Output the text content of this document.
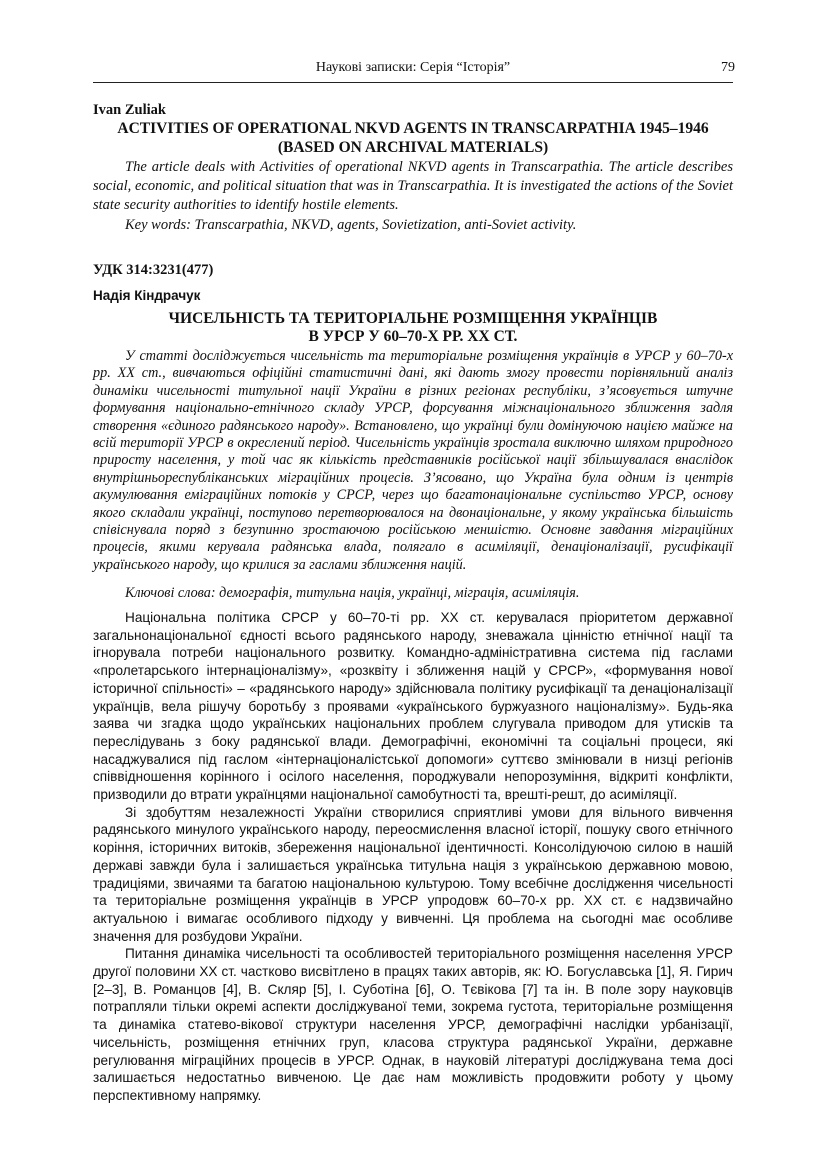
Наукові записки: Серія “Історія”	79
Ivan Zuliak
ACTIVITIES OF OPERATIONAL NKVD AGENTS IN TRANSCARPATHIA 1945–1946
(BASED ON ARCHIVAL MATERIALS)
The article deals with Activities of operational NKVD agents in Transcarpathia. The article describes social, economic, and political situation that was in Transcarpathia. It is investigated the actions of the Soviet state security authorities to identify hostile elements.
Key words: Transcarpathia, NKVD, agents, Sovietization, anti-Soviet activity.
УДК 314:3231(477)
Надія Кіндрачук
ЧИСЕЛЬНІСТЬ ТА ТЕРИТОРІАЛЬНЕ РОЗМІЩЕННЯ УКРАЇНЦІВ
В УРСР У 60–70-Х РР. ХХ СТ.
У статті досліджується чисельність та територіальне розміщення українців в УРСР у 60–70-х рр. ХХ ст., вивчаються офіційні статистичні дані, які дають змогу провести порівняльний аналіз динаміки чисельності титульної нації України в різних регіонах республіки, з’ясовується штучне формування національно-етнічного складу УРСР, форсування міжнаціонального зближення задля створення «єдиного радянського народу». Встановлено, що українці були домінуючою нацією майже на всій території УРСР в окреслений період. Чисельність українців зростала виключно шляхом природного приросту населення, у той час як кількість представників російської нації збільшувалася внаслідок внутрішньореспубліканських міграційних процесів. З’ясовано, що Україна була одним із центрів акумулювання еміграційних потоків у СРСР, через що багатонаціональне суспільство УРСР, основу якого складали українці, поступово перетворювалося на двонаціональне, у якому українська більшість співіснувала поряд з безупинно зростаючою російською меншістю. Основне завдання міграційних процесів, якими керувала радянська влада, полягало в асиміляції, денаціоналізації, русифікації українського народу, що крилися за гаслами зближення націй.
Ключові слова: демографія, титульна нація, українці, міграція, асиміляція.

Національна політика СРСР у 60–70-ті рр. ХХ ст. керувалася пріоритетом державної загальнонаціональної єдності всього радянського народу, зневажала цінністю етнічної нації та ігнорувала потреби національного розвитку. Командно-адміністративна система під гаслами «пролетарського інтернаціоналізму», «розквіту і зближення націй у СРСР», «формування нової історичної спільності» – «радянського народу» здійснювала політику русифікації та денаціоналізації українців, вела рішучу боротьбу з проявами «українського буржуазного націоналізму». Будь-яка заява чи згадка щодо українських національних проблем слугувала приводом для утисків та переслідувань з боку радянської влади. Демографічні, економічні та соціальні процеси, які насаджувалися під гаслом «інтернаціоналістської допомоги» суттєво змінювали в низці регіонів співвідношення корінного і осілого населення, породжували непорозуміння, відкриті конфлікти, призводили до втрати українцями національної самобутності та, врешті-решт, до асиміляції.

Зі здобуттям незалежності України створилися сприятливі умови для вільного вивчення радянського минулого українського народу, переосмислення власної історії, пошуку свого етнічного коріння, історичних витоків, збереження національної ідентичності. Консолідуючою силою в нашій державі завжди була і залишається українська титульна нація з українською державною мовою, традиціями, звичаями та багатою національною культурою. Тому всебічне дослідження чисельності та територіальне розміщення українців в УРСР упродовж 60–70-х рр. ХХ ст. є надзвичайно актуальною і вимагає особливого підходу у вивченні. Ця проблема на сьогодні має особливе значення для розбудови України.

Питання динаміка чисельності та особливостей територіального розміщення населення УРСР другої половини ХХ ст. частково висвітлено в працях таких авторів, як: Ю. Богуславська [1], Я. Гирич [2–3], В. Романцов [4], В. Скляр [5], І. Суботіна [6], О. Тєвікова [7] та ін. В поле зору науковців потрапляли тільки окремі аспекти досліджуваної теми, зокрема густота, територіальне розміщення та динаміка статево-вікової структури населення УРСР, демографічні наслідки урбанізації, чисельність, розміщення етнічних груп, класова структура радянської України, державне регулювання міграційних процесів в УРСР. Однак, в науковій літературі досліджувана тема досі залишається недостатньо вивченою. Це дає нам можливість продовжити роботу у цьому перспективному напрямку.
